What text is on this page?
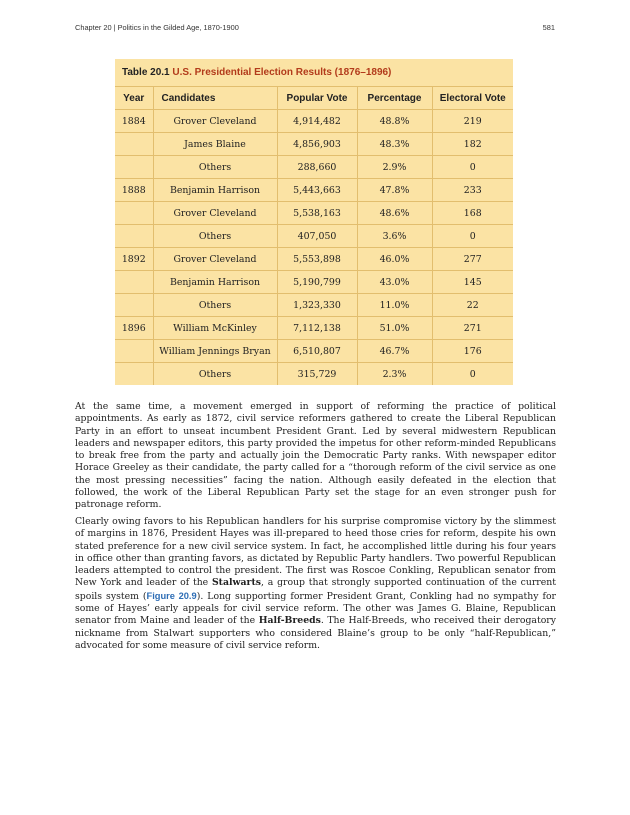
Chapter 20 | Politics in the Gilded Age, 1870-1900	581
Table 20.1 U.S. Presidential Election Results (1876–1896)
Year	Candidates	Popular Vote	Percentage	Electoral Vote
1884	Grover Cleveland	4,914,482	48.8%	219
	James Blaine	4,856,903	48.3%	182
	Others	288,660	2.9%	0
1888	Benjamin Harrison	5,443,663	47.8%	233
	Grover Cleveland	5,538,163	48.6%	168
	Others	407,050	3.6%	0
1892	Grover Cleveland	5,553,898	46.0%	277
	Benjamin Harrison	5,190,799	43.0%	145
	Others	1,323,330	11.0%	22
1896	William McKinley	7,112,138	51.0%	271
	William Jennings Bryan	6,510,807	46.7%	176
	Others	315,729	2.3%	0

At the same time, a movement emerged in support of reforming the practice of political appointments. As early as 1872, civil service reformers gathered to create the Liberal Republican Party in an effort to unseat incumbent President Grant. Led by several midwestern Republican leaders and newspaper editors, this party provided the impetus for other reform-minded Republicans to break free from the party and actually join the Democratic Party ranks. With newspaper editor Horace Greeley as their candidate, the party called for a “thorough reform of the civil service as one the most pressing necessities” facing the nation. Although easily defeated in the election that followed, the work of the Liberal Republican Party set the stage for an even stronger push for patronage reform.

Clearly owing favors to his Republican handlers for his surprise compromise victory by the slimmest of margins in 1876, President Hayes was ill-prepared to heed those cries for reform, despite his own stated preference for a new civil service system. In fact, he accomplished little during his four years in office other than granting favors, as dictated by Republic Party handlers. Two powerful Republican leaders attempted to control the president. The first was Roscoe Conkling, Republican senator from New York and leader of the Stalwarts, a group that strongly supported continuation of the current spoils system (Figure 20.9). Long supporting former President Grant, Conkling had no sympathy for some of Hayes’ early appeals for civil service reform. The other was James G. Blaine, Republican senator from Maine and leader of the Half-Breeds. The Half-Breeds, who received their derogatory nickname from Stalwart supporters who considered Blaine’s group to be only “half-Republican,” advocated for some measure of civil service reform.
